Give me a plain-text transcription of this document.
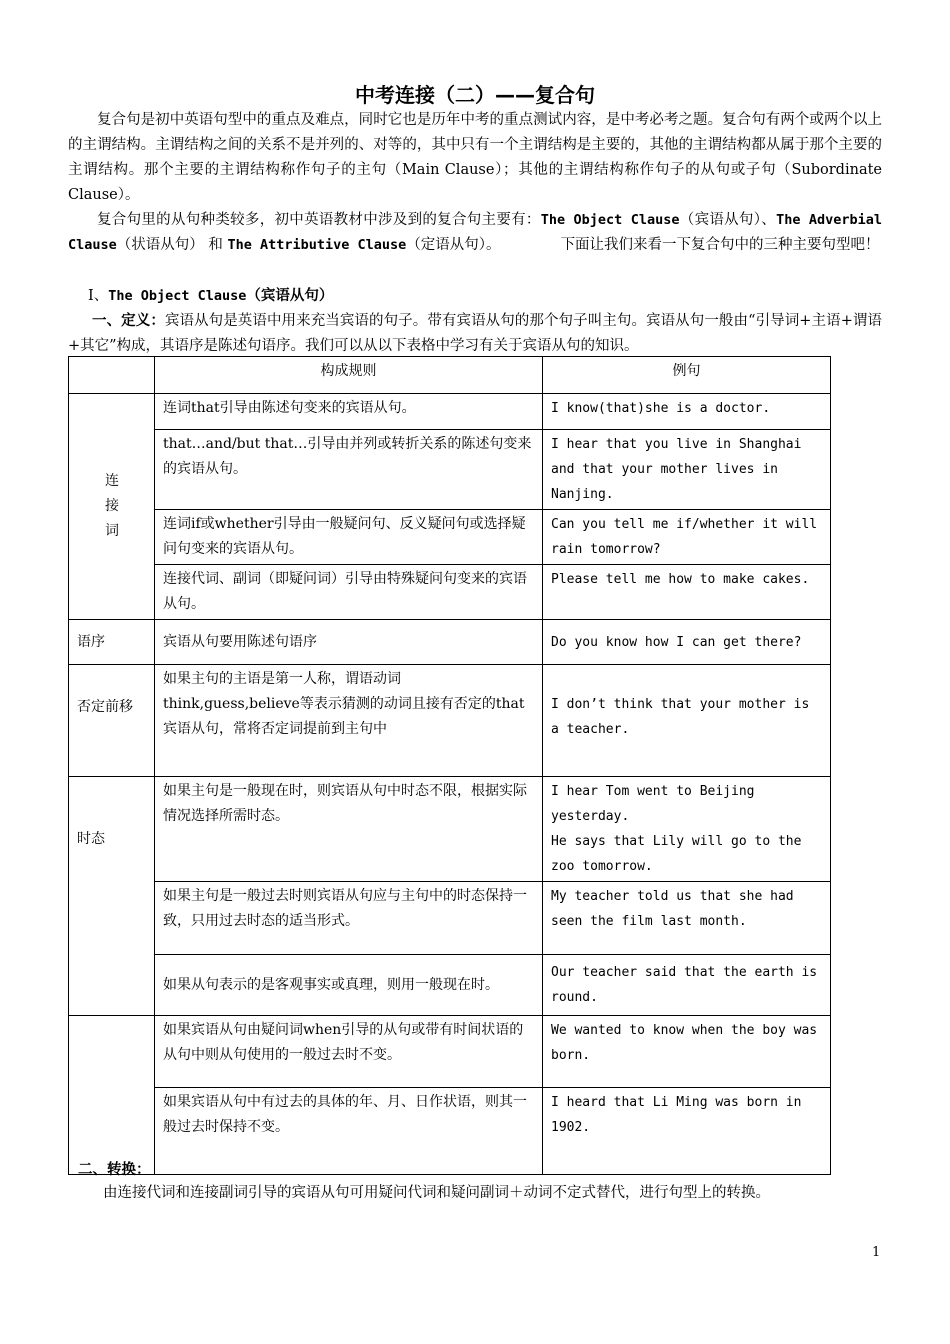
中考连接（二）——复合句
复合句是初中英语句型中的重点及难点，同时它也是历年中考的重点测试内容，是中考必考之题。复合句有两个或两个以上的主谓结构。主谓结构之间的关系不是并列的、对等的，其中只有一个主谓结构是主要的，其他的主谓结构都从属于那个主要的主谓结构。那个主要的主谓结构称作句子的主句（Main Clause）；其他的主谓结构称作句子的从句或子句（Subordinate Clause）。
复合句里的从句种类较多，初中英语教材中涉及到的复合句主要有：The Object Clause（宾语从句）、The Adverbial Clause（状语从句） 和 The Attributive Clause（定语从句）。	下面让我们来看一下复合句中的三种主要句型吧！
Ⅰ、The Object Clause（宾语从句）
一、定义：宾语从句是英语中用来充当宾语的句子。带有宾语从句的那个句子叫主句。宾语从句一般由“引导词+主语+谓语+其它”构成，其语序是陈述句语序。我们可以从以下表格中学习有关于宾语从句的知识。
	构成规则	例句

连
接
词	连词that引导由陈述句变来的宾语从句。	I know(that)she is a doctor.
	that…and/but that…引导由并列或转折关系的陈述句变来的宾语从句。	I hear that you live in Shanghai and that your mother lives in Nanjing.
	连词if或whether引导由一般疑问句、反义疑问句或选择疑问句变来的宾语从句。	Can you tell me if/whether it will rain tomorrow?
	连接代词、副词（即疑问词）引导由特殊疑问句变来的宾语从句。	Please tell me how to make cakes.
语序	宾语从句要用陈述句语序	Do you know how I can get there?
否定前移	如果主句的主语是第一人称，谓语动词think,guess,believe等表示猜测的动词且接有否定的that宾语从句，常将否定词提前到主句中	I don’t think that your mother is a teacher.
时态	如果主句是一般现在时，则宾语从句中时态不限，根据实际情况选择所需时态。	I hear Tom went to Beijing yesterday.
He says that Lily will go to the zoo tomorrow.

	如果主句是一般过去时则宾语从句应与主句中的时态保持一致，只用过去时态的适当形式。	My teacher told us that she had seen the film last month.
	如果从句表示的是客观事实或真理，则用一般现在时。	Our teacher said that the earth is round.
	如果宾语从句由疑问词when引导的从句或带有时间状语的从句中则从句使用的一般过去时不变。	We wanted to know when the boy was born.
	如果宾语从句中有过去的具体的年、月、日作状语，则其一般过去时保持不变。	I heard that Li Ming was born in 1902.
二、转换：
由连接代词和连接副词引导的宾语从句可用疑问代词和疑问副词＋动词不定式替代，进行句型上的转换。
1
